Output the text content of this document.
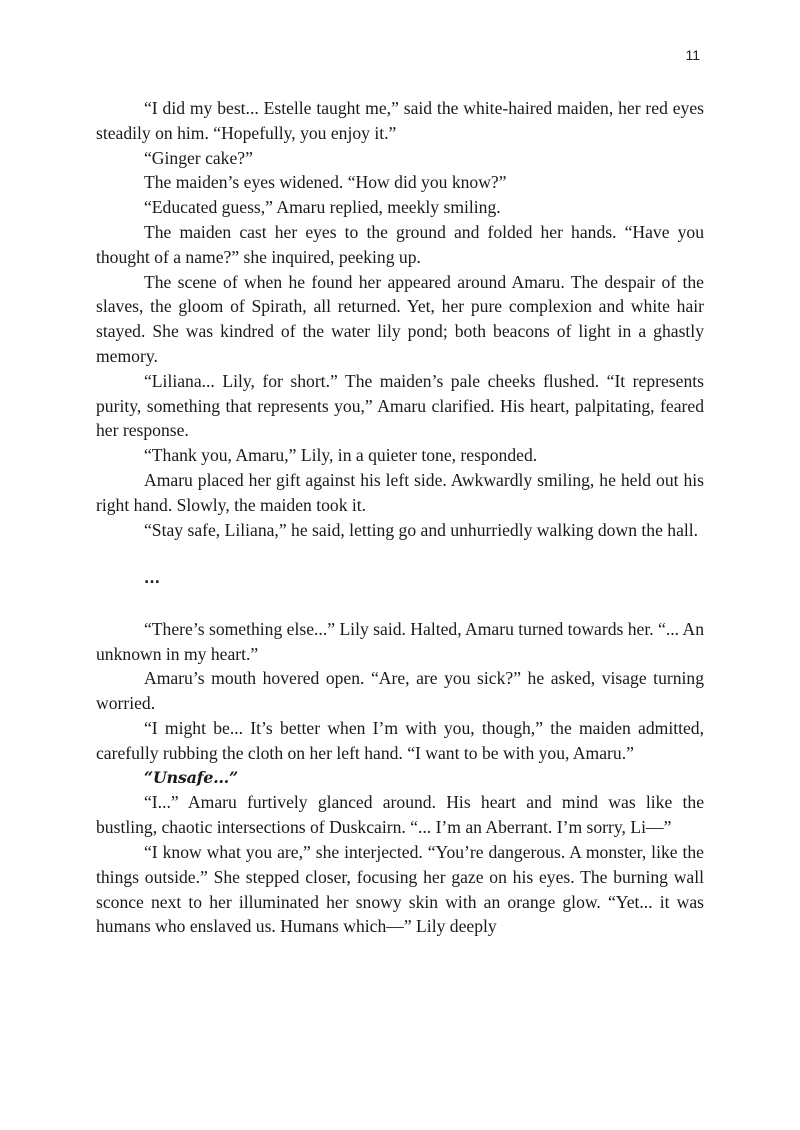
11

“I did my best... Estelle taught me,” said the white-haired maiden, her red eyes steadily on him. “Hopefully, you enjoy it.”

“Ginger cake?”

The maiden’s eyes widened. “How did you know?”

“Educated guess,” Amaru replied, meekly smiling.

The maiden cast her eyes to the ground and folded her hands. “Have you thought of a name?” she inquired, peeking up.

The scene of when he found her appeared around Amaru. The despair of the slaves, the gloom of Spirath, all returned. Yet, her pure complexion and white hair stayed. She was kindred of the water lily pond; both beacons of light in a ghastly memory.

“Liliana... Lily, for short.” The maiden’s pale cheeks flushed. “It represents purity, something that represents you,” Amaru clarified. His heart, palpitating, feared her response.

“Thank you, Amaru,” Lily, in a quieter tone, responded.

Amaru placed her gift against his left side. Awkwardly smiling, he held out his right hand. Slowly, the maiden took it.

“Stay safe, Liliana,” he said, letting go and unhurriedly walking down the hall.

...

“There’s something else...” Lily said. Halted, Amaru turned towards her. “... An unknown in my heart.”

Amaru’s mouth hovered open. “Are, are you sick?” he asked, visage turning worried.

“I might be... It’s better when I’m with you, though,” the maiden admitted, carefully rubbing the cloth on her left hand. “I want to be with you, Amaru.”

“Unsafe...”

“I...” Amaru furtively glanced around. His heart and mind was like the bustling, chaotic intersections of Duskcairn. “... I’m an Aberrant. I’m sorry, Li—”

“I know what you are,” she interjected. “You’re dangerous. A monster, like the things outside.” She stepped closer, focusing her gaze on his eyes. The burning wall sconce next to her illuminated her snowy skin with an orange glow. “Yet... it was humans who enslaved us. Humans which—” Lily deeply
